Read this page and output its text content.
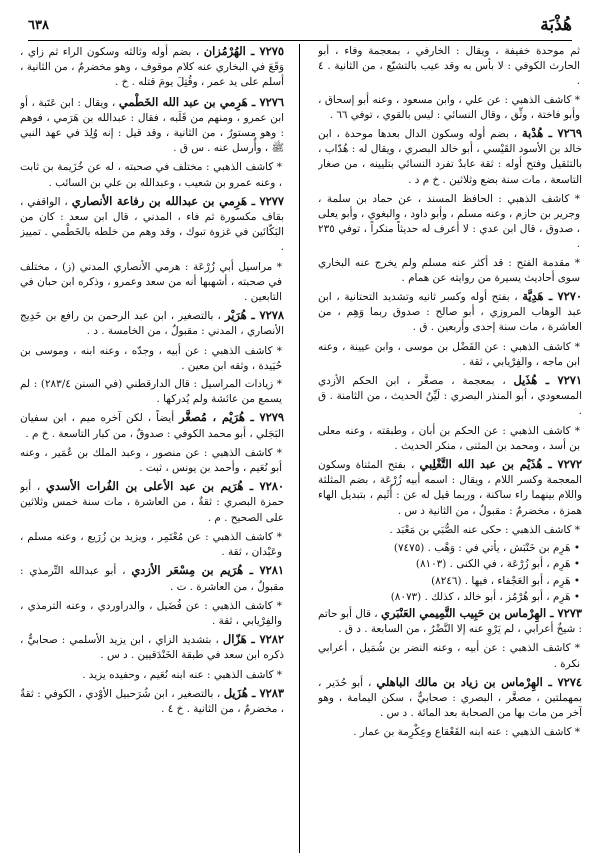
٦٣٨	هُذْبَة
ثم موحدة خفيفة ، ويقال : الخارفي ، بمعجمة وفاء ، أبو الحارث الكوفي : لا بأس به وقد عيب بالتشيّع ، من الثانية . ٤ .
* كاشف الذهبي : عن علي ، وابن مسعود ، وعنه أبو إسحاق ، وأبو فاختة ، وثِّق ، وقال النسائي : ليس بالقوي ، توفي ٦٦ .
٧٢٦٩ ـ هُدْبة ، بضم أوله وسكون الدال بعدها موحدة ، ابن خالد بن الأسود القَيْسي ، أبو خالد البصري ، ويقال له : هُدّاب ، بالتثقيل وفتح أوله : ثقة عابدٌ تفرد النسائي بتليينه ، من صغار التاسعة ، مات سنة بضع وثلاثين . خ م د .
* كاشف الذهبي : الحافظ المسند ، عن حماد بن سلمة ، وجرير بن حازم ، وعنه مسلم ، وأبو داود ، والبغوي ، وأبو يعلى ، صدوق ، قال ابن عدي : لا أعرف له حديثاً منكراً ، توفي ٢٣٥ .
* مقدمة الفتح : قد أكثر عنه مسلم ولم يخرج عنه البخاري سوى أحاديث يسيرة من روايته عن همام .
٧٢٧٠ ـ هَدِيَّة ، بفتح أوله وكسر ثانيه وتشديد التحتانية ، ابن عبد الوهاب المروزي ، أبو صالح : صدوق ربما وَهِم ، من العاشرة ، مات سنة إحدى وأربعين . ق .
* كاشف الذهبي : عن الفَضْل بن موسى ، وابن عيينة ، وعنه ابن ماجه ، والفِرْيابي ، ثقة .
٧٢٧١ ـ هُذَيل ، بمعجمة ، مصغَّر ، ابن الحكم الأزدي المسعودي ، أبو المنذر البصري : لَيِّنُ الحديث ، من الثامنة . ق .
* كاشف الذهبي : عن الحكم بن أبان ، وطبقته ، وعنه معلى بن أسد ، ومحمد بن المثنى ، منكر الحديث .
٧٢٧٢ ـ هُذَيْم بن عبد الله التَّغْلِبي ، بفتح المثناة وسكون المعجمة وكسر اللام ، ويقال : اسمه أبيه زُرْعَة ، بضم المثلثة واللام بينهما راء ساكنة ، وربما قيل له عن : أُثَيم ، بتبديل الهاء همزة ، مخضرمٌ : مقبولٌ ، من الثانية د س .
* كاشف الذهبي : حكى عنه الصُّبَي بن مَعْبَد .
• هَرِم بن خَنْبَش ، يأتي في : وَهْب . (٧٤٧٥)
• هَرِم ، أبو زُرْعَة ، في الكنى . (٨١٠٣)
• هَرِم ، أبو العَجْفاء ، فيها . (٨٢٤٦)
• هَرِم ، أبو هُرْمُز ، أبو خالد ، كذلك . (٨٠٧٣)
٧٢٧٣ ـ الهِرْماس بن حَبِيب التَّمِيمي العَنْبَري ، قال أبو حاتم : شيخٌ أعرابي ، لم يَرْوِ عنه إلا النَّضْرُ ، من السابعة . د ق .
* كاشف الذهبي : عن أبيه ، وعنه النضر بن شُمَيل ، أعرابي نكرة .
٧٢٧٤ ـ الهِرْماس بن زياد بن مالك الباهلي ، أبو حُدَير ، بمهملتين ، مصغَّر ، البصري : صحابيٌّ ، سكن اليمامة ، وهو آخر من مات بها من الصحابة بعد المائة . د س .
* كاشف الذهبي : عنه ابنه القَعْقاع وعِكْرِمة بن عمار .
٧٢٧٥ ـ الهُرْمُزان ، بضم أوله وثالثه وسكون الراء ثم زاي ، وَقَعَ في البخاري عنه كلام موقوف ، وهو مخضرمٌ ، من الثانية ، أسلم على يد عمر ، وقُتِلَ يومَ قتله . خ .
٧٢٧٦ ـ هَرِمي بن عبد الله الخَطْمي ، ويقال : ابن عَتَبة ، أو ابن عمرو ، ومنهم من قَلَبه ، فقال : عبدالله بن هَرَمي ، فوهم : وهو مستورٌ ، من الثانية ، وقد قيل : إنه وُلِدَ في عهد النبي ﷺ ، وأُرسل عنه . س ق .
* كاشف الذهبي : مختلف في صحبته ، له عن خُزَيمة بن ثابت ، وعنه عمرو بن شعيب ، وعبدالله بن علي بن السائب .
٧٢٧٧ ـ هَرِمي بن عبدالله بن رفاعة الأنصاري ، الواقفي ، بقاف مكسورة ثم فاء ، المدني ، قال ابن سعد : كان من البَكّائين في غزوة تبوك ، وقد وهم من خلطه بالخَطْمي . تمييز .
* مراسيل أبي زُرْعَة : هرمي الأنصاري المدني (ز) ، مختلف في صحبته ، أشهبها أنه من سعد وعمرو ، وذكره ابن حبان في التابعين .
٧٢٧٨ ـ هُرَيْر ، بالتصغير ، ابن عبد الرحمن بن رافع بن خَدِيج الأنصاري ، المدني : مقبولٌ ، من الخامسة . د .
* كاشف الذهبي : عن أبيه ، وجدّه ، وعنه ابنه ، وموسى بن حُيَيدة ، وثقه ابن معين .
* زيادات المراسيل : قال الدارقطني (في السنن ٢٨٣/٤) : لم يسمع من عائشة ولم يُدركها .
٧٢٧٩ ـ هُرَيْم ، مُصغَّر أيضاً ، لكن آخره ميم ، ابن سفيان البَجَلي ، أبو محمد الكوفي : صدوقٌ ، من كبار التاسعة . خ م .
* كاشف الذهبي : عن منصور ، وعبد الملك بن عُمَير ، وعنه أبو نُعَيم ، وأحمد بن يونس ، ثبت .
٧٢٨٠ ـ هُرَيم بن عبد الأعلى بن الفُرات الأسدي ، أبو حمزة البصري : ثقةٌ ، من العاشرة ، مات سنة خمس وثلاثين على الصحيح . م .
* كاشف الذهبي : عن مُعْتَمِر ، ويزيد بن زُرَيع ، وعنه مسلم ، وعَبْدان ، ثقة .
٧٢٨١ ـ هُرَيم بن مِسْعَر الأزدي ، أبو عبدالله التِّرمذي : مقبولٌ ، من العاشرة . ت .
* كاشف الذهبي : عن فُضَيل ، والدراوردي ، وعنه الترمذي ، والفِرْيابي ، ثقة .
٧٢٨٢ ـ هَزّال ، بتشديد الزاي ، ابن يزيد الأسلمي : صحابيٌّ ، ذكره ابن سعد في طبقة الخَنْدَقيين . د س .
* كاشف الذهبي : عنه ابنه نُعَيم ، وحفيده يزيد .
٧٢٨٣ ـ هُزَيل ، بالتصغير ، ابن شُرَحبيل الأوْدي ، الكوفي : ثقةٌ ، مخضرمٌ ، من الثانية . خ ٤ .
